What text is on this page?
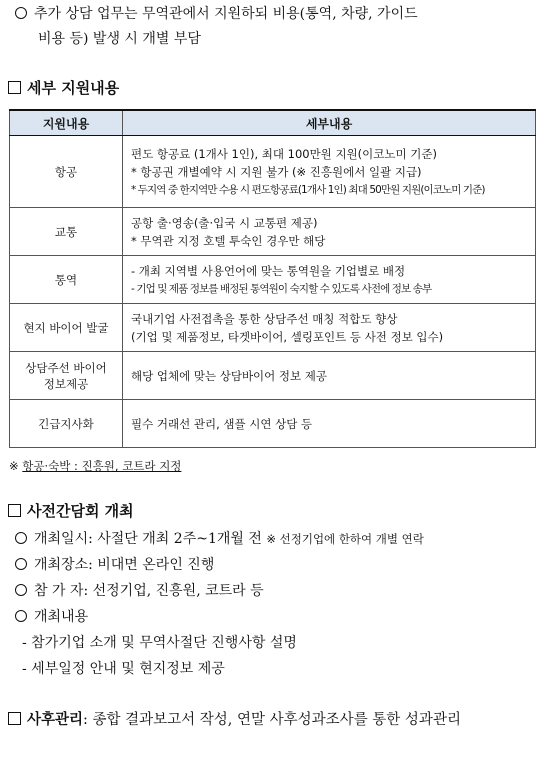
추가 상담 업무는 무역관에서 지원하되 비용(통역, 차량, 가이드
비용 등) 발생 시 개별 부담
세부 지원내용
지원내용	세부내용
항공	편도 항공료 (1개사 1인), 최대 100만원 지원(이코노미 기준)
* 항공권 개별예약 시 지원 불가 (※ 진흥원에서 일괄 지급)
* 두지역 중 한지역만 수용 시 편도항공료(1개사 1인) 최대 50만원 지원(이코노미 기준)

교통	공항 출·영송(출·입국 시 교통편 제공)
* 무역관 지정 호텔 투숙인 경우만 해당

통역	- 개최 지역별 사용언어에 맞는 통역원을 기업별로 배정
- 기업 및 제품 정보를 배정된 통역원이 숙지할 수 있도록 사전에 정보 송부

현지 바이어 발굴	국내기업 사전접촉을 통한 상담주선 매칭 적합도 향상
(기업 및 제품정보, 타겟바이어, 셀링포인트 등 사전 정보 입수)

상담주선 바이어
정보제공	해당 업체에 맞는 상담바이어 정보 제공

긴급지사화	필수 거래선 관리, 샘플 시연 상담 등
※ 항공·숙박 : 진흥원, 코트라 지정
사전간담회 개최
개최일시: 사절단 개최 2주~1개월 전 ※ 선정기업에 한하여 개별 연락
개최장소: 비대면 온라인 진행
참 가 자: 선정기업, 진흥원, 코트라 등
개최내용
- 참가기업 소개 및 무역사절단 진행사항 설명
- 세부일정 안내 및 현지정보 제공
사후관리: 종합 결과보고서 작성, 연말 사후성과조사를 통한 성과관리
